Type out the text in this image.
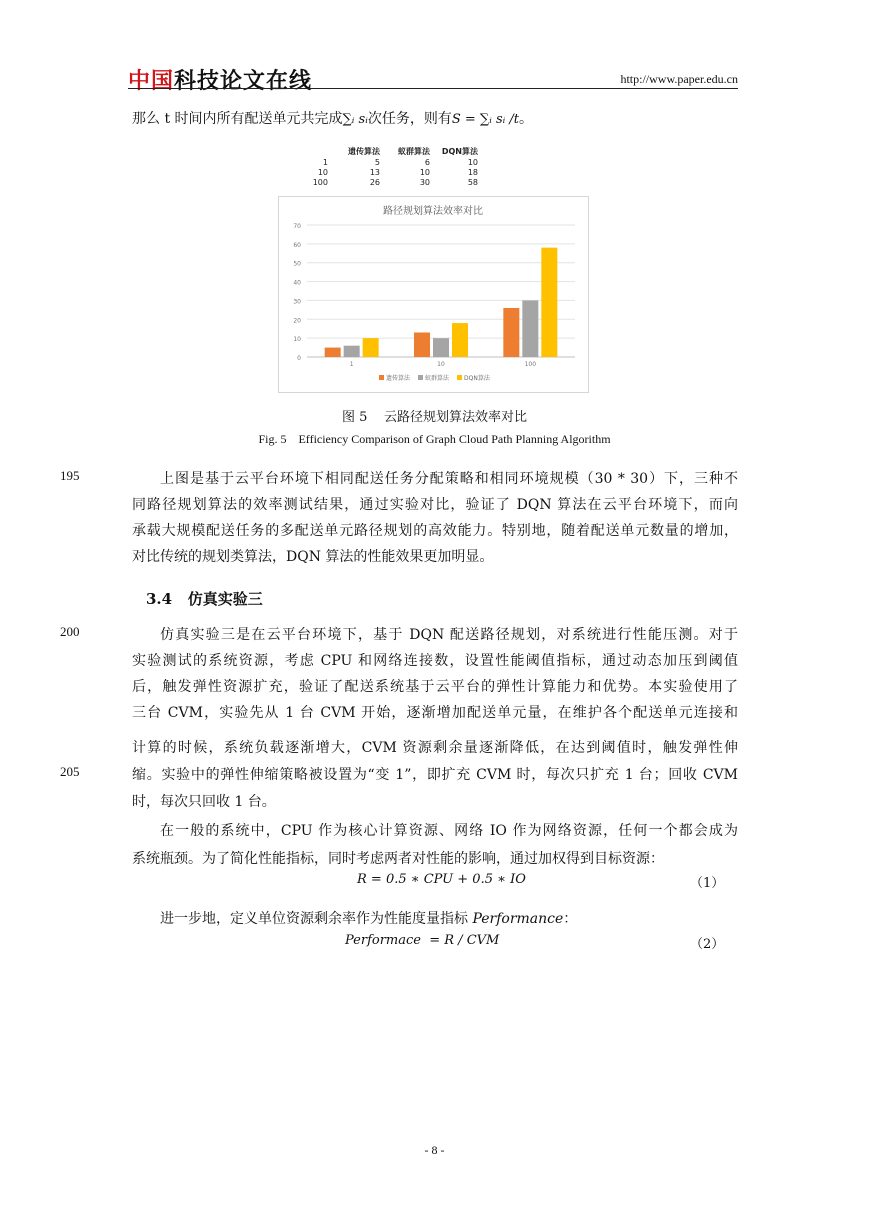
中国科技论文在线	http://www.paper.edu.cn
那么 t 时间内所有配送单元共完成∑ᵢ sᵢ次任务，则有S = ∑ᵢ sᵢ /t。
	遗传算法	蚁群算法	DQN算法
1	5	6	10
10	13	10	18
100	26	30	58
路径规划算法效率对比
0
10
20
30
40
50
60
70
1	10	100
遗传算法 蚁群算法 DQN算法
图 5    云路径规划算法效率对比
Fig. 5    Efficiency Comparison of Graph Cloud Path Planning Algorithm
195
200
205
上图是基于云平台环境下相同配送任务分配策略和相同环境规模（30 * 30）下，三种不
同路径规划算法的效率测试结果，通过实验对比，验证了 DQN 算法在云平台环境下，而向
承载大规模配送任务的多配送单元路径规划的高效能力。特别地，随着配送单元数量的增加，
对比传统的规划类算法，DQN 算法的性能效果更加明显。
3.4 仿真实验三
仿真实验三是在云平台环境下，基于 DQN 配送路径规划，对系统进行性能压测。对于
实验测试的系统资源，考虑 CPU 和网络连接数，设置性能阈值指标，通过动态加压到阈值
后，触发弹性资源扩充，验证了配送系统基于云平台的弹性计算能力和优势。本实验使用了
三台 CVM，实验先从 1 台 CVM 开始，逐渐增加配送单元量，在维护各个配送单元连接和
计算的时候，系统负载逐渐增大，CVM 资源剩余量逐渐降低，在达到阈值时，触发弹性伸
缩。实验中的弹性伸缩策略被设置为“变 1”，即扩充 CVM 时，每次只扩充 1 台；回收 CVM
时，每次只回收 1 台。
在一般的系统中，CPU 作为核心计算资源、网络 IO 作为网络资源，任何一个都会成为
系统瓶颈。为了简化性能指标，同时考虑两者对性能的影响，通过加权得到目标资源：
R = 0.5 ∗ CPU + 0.5 ∗ IO	（1）
进一步地，定义单位资源剩余率作为性能度量指标 Performance：
Performace  = R / CVM	（2）
- 8 -
